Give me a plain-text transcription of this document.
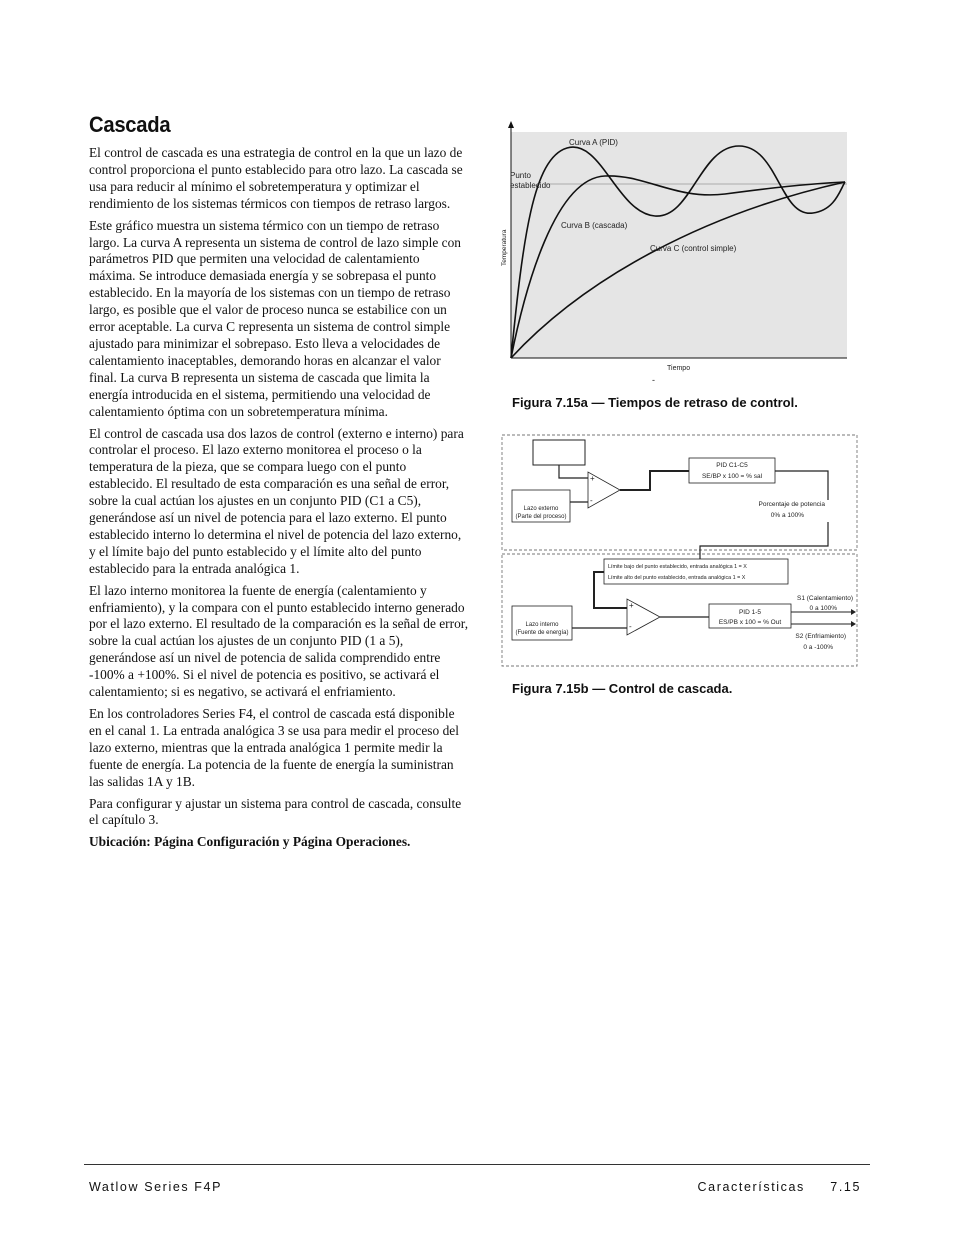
Cascada

El control de cascada es una estrategia de control en la que un lazo de control proporciona el punto establecido para otro lazo. La cascada se usa para reducir al mínimo el sobretemperatura y optimizar el rendimiento de los sistemas térmicos con tiempos de retraso largos.

Este gráfico muestra un sistema térmico con un tiempo de retraso largo. La curva A representa un sistema de control de lazo simple con parámetros PID que permiten una velocidad de calentamiento máxima. Se introduce demasiada energía y se sobrepasa el punto establecido. En la mayoría de los sistemas con un tiempo de retraso largo, es posible que el valor de proceso nunca se estabilice con un error aceptable. La curva C representa un sistema de control simple ajustado para minimizar el sobrepaso. Esto lleva a velocidades de calentamiento inaceptables, demorando horas en alcanzar el valor final. La curva B representa un sistema de cascada que limita la energía introducida en el sistema, permitiendo una velocidad de calentamiento óptima con un sobretemperatura mínima.

El control de cascada usa dos lazos de control (externo e interno) para controlar el proceso. El lazo externo monitorea el proceso o la temperatura de la pieza, que se compara luego con el punto establecido. El resultado de esta comparación es una señal de error, sobre la cual actúan los ajustes en un conjunto PID (C1 a C5), generándose así un nivel de potencia para el lazo externo. El punto establecido interno lo determina el nivel de potencia del lazo externo, y el límite bajo del punto establecido y el límite alto del punto establecido para la entrada analógica 1.

El lazo interno monitorea la fuente de energía (calentamiento y enfriamiento), y la compara con el punto establecido interno generado por el lazo externo. El resultado de la comparación es la señal de error, sobre la cual actúan los ajustes de un conjunto PID (1 a 5), generándose así un nivel de potencia de salida comprendido entre -100% a +100%. Si el nivel de potencia es positivo, se activará el calentamiento; si es negativo, se activará el enfriamiento.

En los controladores Series F4, el control de cascada está disponible en el canal 1. La entrada analógica 3 se usa para medir el proceso del lazo externo, mientras que la entrada analógica 1 permite medir la fuente de energía. La potencia de la fuente de energía la suministran las salidas 1A y 1B.

Para configurar y ajustar un sistema para control de cascada, consulte el capítulo 3.

Ubicación: Página Configuración y Página Operaciones.

Curva A (PID)
Curva B (cascada)
Curva C (control simple)
Punto
establecido
Temperatura
Tiempo
-
Figura 7.15a — Tiempos de retraso de control.
Lazo externo
(Parte del proceso)
+
-
PID C1-C5
SE/BP x 100 = % sal
Porcentaje de potencia
0% a 100%
Límite bajo del punto establecido, entrada analógica 1 = X
Límite alto del punto establecido, entrada analógica 1 = X
Lazo interno
(Fuente de energía)
+
-
PID 1-5
ES/PB x 100 = % Out
S1 (Calentamiento)
0 a 100%
S2 (Enfriamiento)
0 a -100%
Figura 7.15b — Control de cascada.
Watlow Series F4P	Características     7.15
